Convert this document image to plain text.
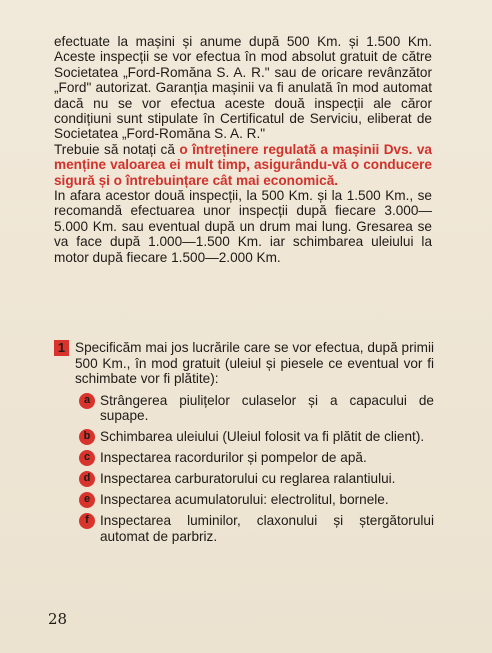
efectuate la mașini și anume după 500 Km. și 1.500 Km. Aceste inspecții se vor efectua în mod absolut gratuit de către Societatea „Ford-Romăna S. A. R." sau de oricare revânzător „Ford" autorizat. Garanția mașinii va fi anulată în mod automat dacă nu se vor efectua aceste două inspecții ale căror condițiuni sunt stipulate în Certificatul de Serviciu, eliberat de Societatea „Ford-Romăna S. A. R."

Trebuie să notați că o întreținere regulată a mașinii Dvs. va menține valoarea ei mult timp, asigurându-vă o conducere sigură și o întrebuințare cât mai economică.

In afara acestor două inspecții, la 500 Km. și la 1.500 Km., se recomandă efectuarea unor inspecții după fiecare 3.000—5.000 Km. sau eventual după un drum mai lung. Gresarea se va face după 1.000—1.500 Km. iar schimbarea uleiului la motor după fiecare 1.500—2.000 Km.

1 Specificăm mai jos lucrările care se vor efectua, după primii 500 Km., în mod gratuit (uleiul și piesele ce eventual vor fi schimbate vor fi plătite):
a Strângerea piulițelor culaselor și a capacului de supape.
b Schimbarea uleiului (Uleiul folosit va fi plătit de client).
c Inspectarea racordurilor și pompelor de apă.
d Inspectarea carburatorului cu reglarea ralantiului.
e Inspectarea acumulatorului: electrolitul, bornele.
f Inspectarea luminilor, claxonului și ștergătorului automat de parbriz.
28
